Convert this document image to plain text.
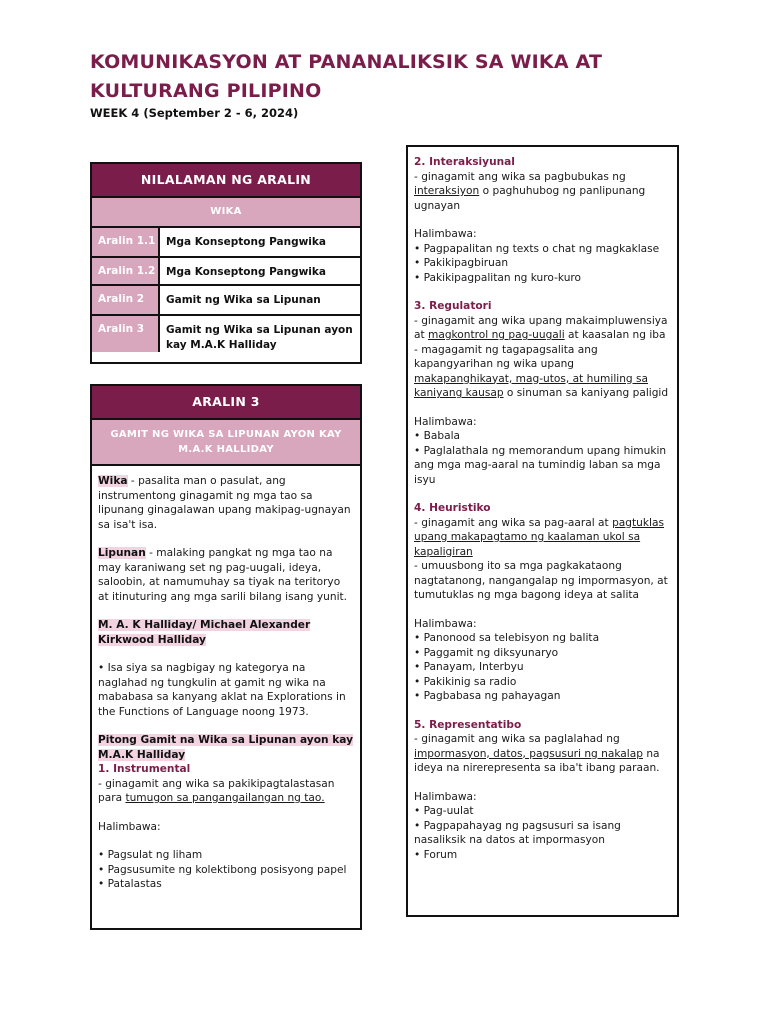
KOMUNIKASYON AT PANANALIKSIK SA WIKA AT KULTURANG PILIPINO
WEEK 4 (September 2 - 6, 2024)
NILALAMAN NG ARALIN
WIKA
Aralin 1.1	Mga Konseptong Pangwika
Aralin 1.2	Mga Konseptong Pangwika
Aralin 2	Gamit ng Wika sa Lipunan
Aralin 3	Gamit ng Wika sa Lipunan ayon kay M.A.K Halliday
ARALIN 3
GAMIT NG WIKA SA LIPUNAN AYON KAY M.A.K HALLIDAY

Wika - pasalita man o pasulat, ang instrumentong ginagamit ng mga tao sa lipunang ginagalawan upang makipag-ugnayan sa isa't isa.

Lipunan - malaking pangkat ng mga tao na may karaniwang set ng pag-uugali, ideya, saloobin, at namumuhay sa tiyak na teritoryo at itinuturing ang mga sarili bilang isang yunit.

M. A. K Halliday/ Michael Alexander Kirkwood Halliday

• Isa siya sa nagbigay ng kategorya na naglahad ng tungkulin at gamit ng wika na mababasa sa kanyang aklat na Explorations in the Functions of Language noong 1973.

Pitong Gamit na Wika sa Lipunan ayon kay M.A.K Halliday
1. Instrumental

- ginagamit ang wika sa pakikipagtalastasan para tumugon sa pangangailangan ng tao.

Halimbawa:

• Pagsulat ng liham
• Pagsusumite ng kolektibong posisyong papel
• Patalastas
2. Interaksiyunal

- ginagamit ang wika sa pagbubukas ng interaksiyon o paghuhubog ng panlipunang ugnayan

Halimbawa:
• Pagpapalitan ng texts o chat ng magkaklase
• Pakikipagbiruan

• Pakikipagpalitan ng kuro-kuro

3. Regulatori
- ginagamit ang wika upang makaimpluwensiya at magkontrol ng pag-uugali at kaasalan ng iba

- magagamit ng tagapagsalita ang kapangyarihan ng wika upang makapanghikayat, mag-utos, at humiling sa kaniyang kausap o sinuman sa kaniyang paligid

Halimbawa:
• Babala

• Paglalathala ng memorandum upang himukin ang mga mag-aaral na tumindig laban sa mga isyu

4. Heuristiko
- ginagamit ang wika sa pag-aaral at pagtuklas upang makapagtamo ng kaalaman ukol sa kapaligiran

- umuusbong ito sa mga pagkakataong nagtatanong, nangangalap ng impormasyon, at tumutuklas ng mga bagong ideya at salita

Halimbawa:
• Panonood sa telebisyon ng balita
• Paggamit ng diksyunaryo
• Panayam, Interbyu
• Pakikinig sa radio

• Pagbabasa ng pahayagan

5. Representatibo

- ginagamit ang wika sa paglalahad ng impormasyon, datos, pagsusuri ng nakalap na ideya na nirerepresenta sa iba't ibang paraan.

Halimbawa:
• Pag-uulat
• Pagpapahayag ng pagsusuri sa isang nasaliksik na datos at impormasyon
• Forum
